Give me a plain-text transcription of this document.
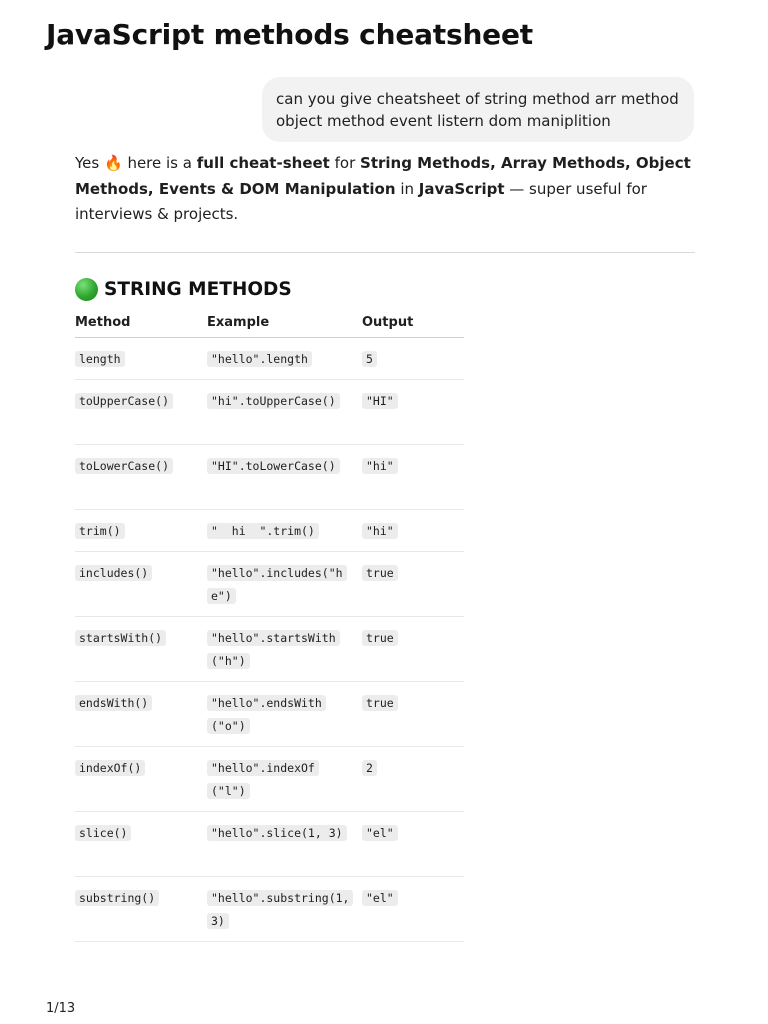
JavaScript methods cheatsheet
can you give cheatsheet of string method arr method object method event listern dom maniplition

Yes 🔥 here is a full cheat-sheet for String Methods, Array Methods, Object Methods, Events & DOM Manipulation in JavaScript — super useful for interviews & projects.

STRING METHODS
Method	Example	Output
length	"hello".length	5
toUpperCase()	"hi".toUpperCase()	"HI"
toLowerCase()	"HI".toLowerCase()	"hi"
trim()	"  hi  ".trim()	"hi"
includes()	"hello".includes("he")	true
startsWith()	"hello".startsWith("h")	true
endsWith()	"hello".endsWith("o")	true
indexOf()	"hello".indexOf("l")	2
slice()	"hello".slice(1, 3)	"el"
substring()	"hello".substring(1, 3)	"el"
1/13
